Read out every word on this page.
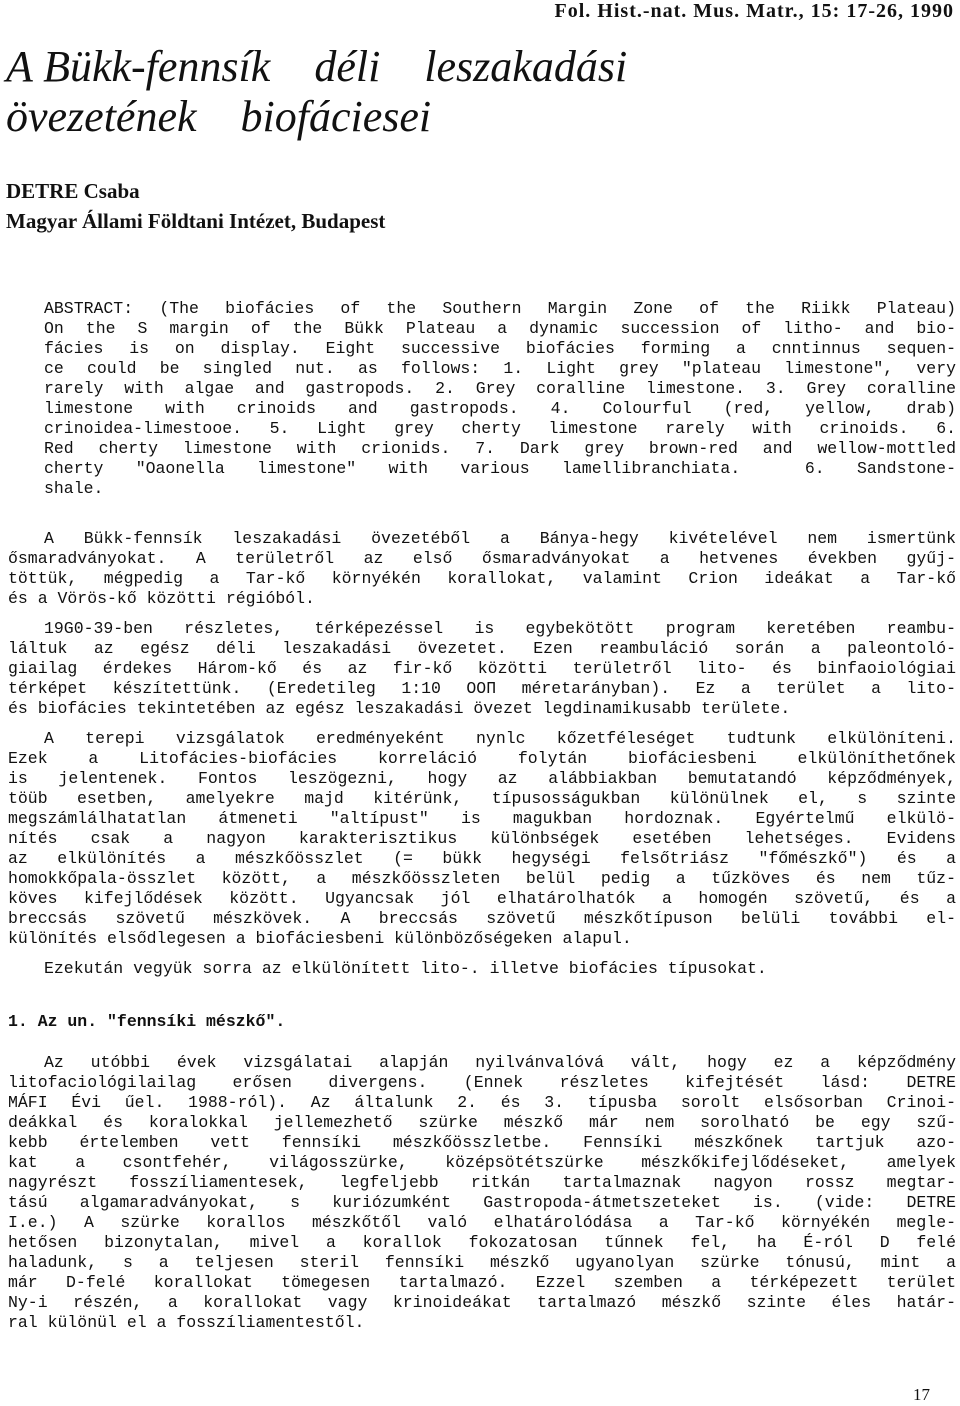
Fol. Hist.-nat. Mus. Matr., 15: 17-26, 1990
A Bükk-fennsík déli leszakadási
övezetének biofáciesei
DETRE Csaba
Magyar Állami Földtani Intézet, Budapest
ABSTRACT: (The biofácies of the Southern Margin Zone of the Riikk Plateau)
On the S margin of the Bükk Plateau a dynamic succession of litho- and bio-
fácies is on display. Eight successive biofácies forming a cnntinnus sequen-
ce could be singled nut. as follows: 1. Light grey "plateau limestone", very
rarely with algae and gastropods. 2. Grey coralline limestone. 3. Grey coralline
limestone with crinoids and gastropods. 4. Colourful (red, yellow, drab)
crinoidea-limestooe. 5. Light grey cherty limestone rarely with crinoids. 6.
Red cherty limestone with crionids. 7. Dark grey brown-red and wellow-mottled
cherty "Oaonella limestone" with various lamellibranchiata.  6. Sandstone-
shale.
A Bükk-fennsík leszakadási övezetéből a Bánya-hegy kivételével nem ismertünk
ősmaradványokat. A területről az első ősmaradványokat a hetvenes években gyűj-
töttük, mégpedig a Tar-kő környékén korallokat, valamint Crion ideákat a Tar-kő
és a Vörös-kő közötti régióból.
19G0-39-ben részletes, térképezéssel is egybekötött program keretében reambu-
láltuk az egész déli leszakadási övezetet. Ezen reambuláció során a paleontoló-
giailag érdekes Három-kő és az fir-kő közötti területről lito- és binfaoiológiai
térképet készítettünk. (Eredetileg 1:10 OOП méretarányban). Ez a terület a lito-
és biofácies tekintetében az egész leszakadási övezet legdinamikusabb területe.
A terepi vizsgálatok eredményeként nynlc kőzetféleséget tudtunk elkülöníteni.
Ezek a Litofácies-biofácies korreláció folytán biofáciesbeni elkülöníthetőnek
is jelentenek. Fontos leszögezni, hogy az alábbiakban bemutatandó képződmények,
töüb esetben, amelyekre majd kitérünk, típusosságukban különülnek el, s szinte
megszámlálhatatlan átmeneti "altípust" is magukban hordoznak. Egyértelmű elkülö-
nítés csak a nagyon karakterisztikus különbségek esetében lehetséges. Evidens
az elkülönítés a mészkőösszlet (= bükk hegységi felsőtriász "főmészkő") és a
homokkőpala-összlet között, a mészkőösszleten belül pedig a tűzköves és nem tűz-
köves kifejlődések között. Ugyancsak jól elhatárolhatók a homogén szövetű, és a
breccsás szövetű mészkövek. A breccsás szövetű mészkőtípuson belüli további el-
különítés elsődlegesen a biofáciesbeni különbözőségeken alapul.
Ezekután vegyük sorra az elkülönített lito-. illetve biofácies típusokat.
1. Az un. "fennsíki mészkő".
Az utóbbi évek vizsgálatai alapján nyilvánvalóvá vált, hogy ez a képződmény
litofaciológilailag erősen divergens. (Ennek részletes kifejtését lásd: DETRE
MÁFI Évi űel. 1988-ról). Az általunk 2. és 3. típusba sorolt elsősorban Crinoi-
deákkal és koralokkal jellemezhető szürke mészkő már nem sorolható be egy szű-
kebb értelemben vett fennsíki mészkőösszletbe. Fennsíki mészkőnek tartjuk azo-
kat a csontfehér, világosszürke, középsötétszürke mészkőkifejlődéseket, amelyek
nagyrészt fosszíliamentesek, legfeljebb ritkán tartalmaznak nagyon rossz megtar-
tású algamaradványokat, s kuriózumként Gastropoda-átmetszeteket is. (vide: DETRE
I.e.) A szürke korallos mészkőtől való elhatárolódása a Tar-kő környékén megle-
hetősen bizonytalan, mivel a korallok fokozatosan tűnnek fel, ha É-ról D felé
haladunk, s a teljesen steril fennsíki mészkő ugyanolyan szürke tónusú, mint a
már D-felé korallokat tömegesen tartalmazó. Ezzel szemben a térképezett terület
Ny-i részén, a korallokat vagy krinoideákat tartalmazó mészkő szinte éles határ-
ral különül el a fosszíliamentestől.
17
